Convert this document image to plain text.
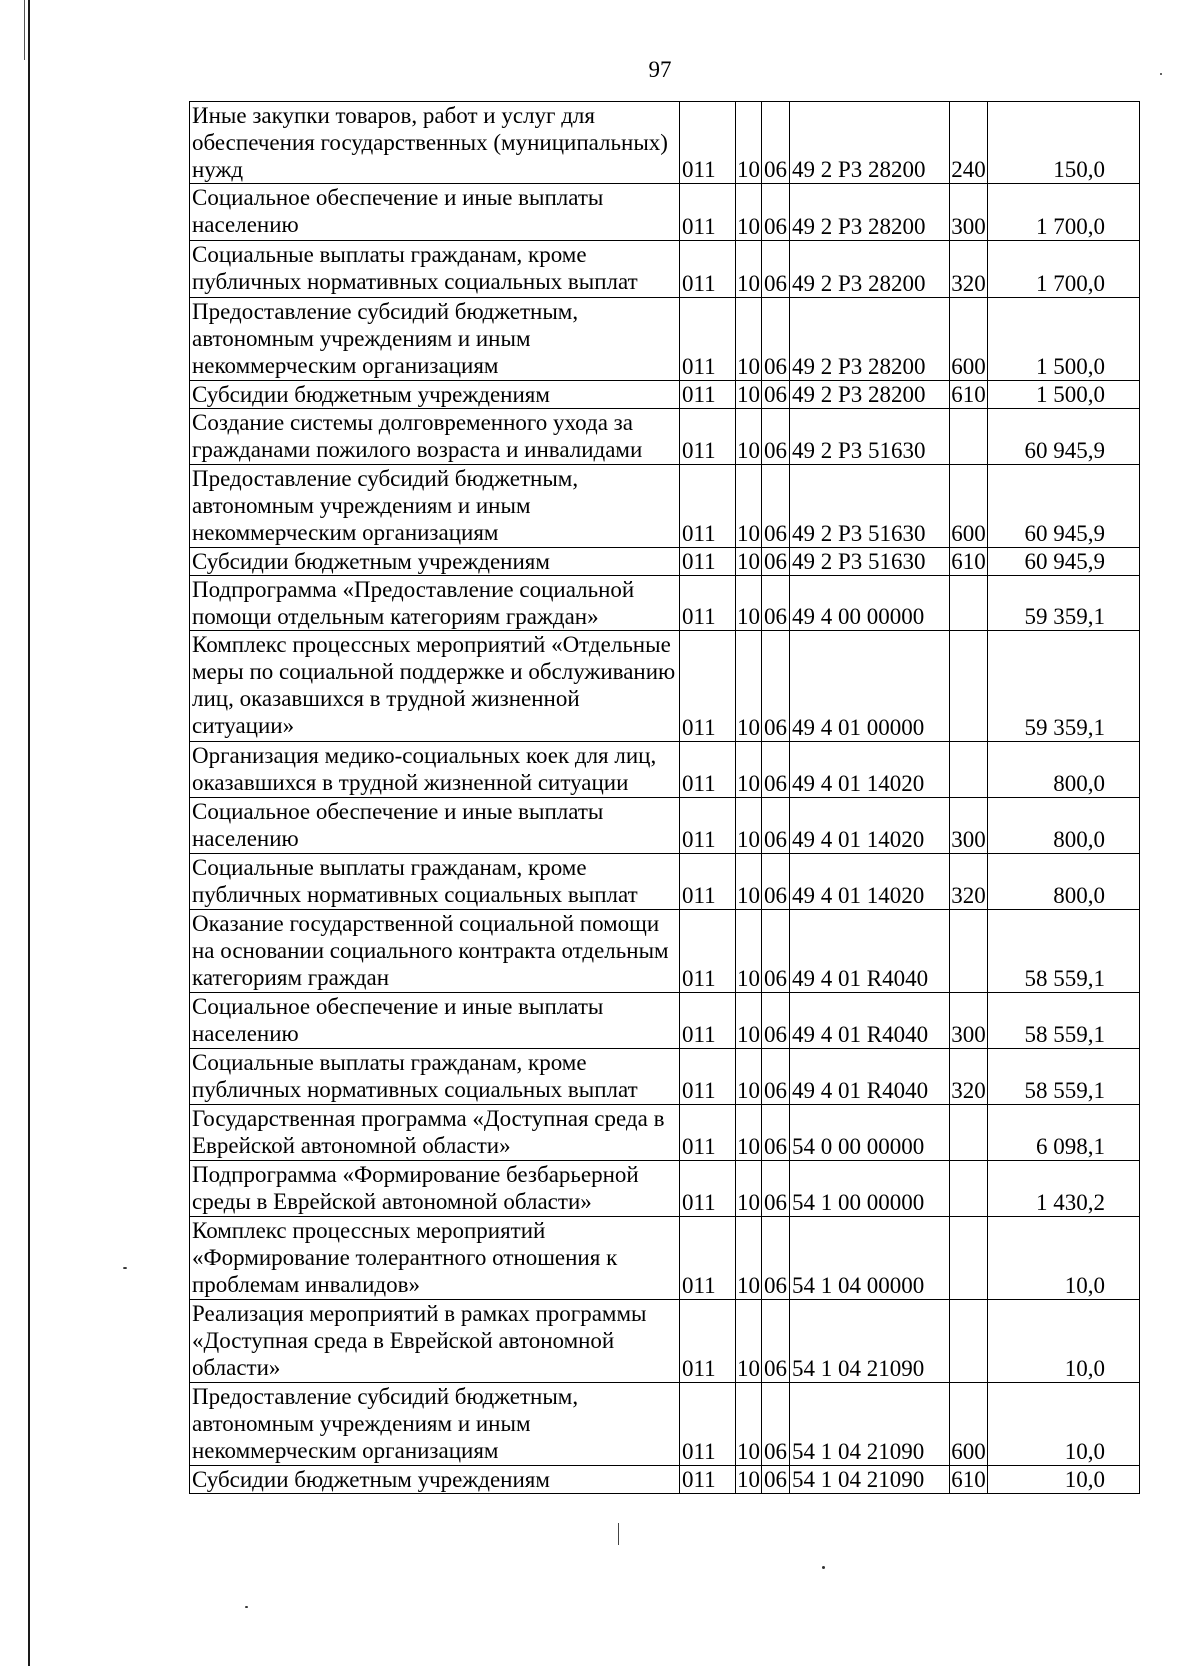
97
Иные закупки товаров, работ и услуг для обеспечения государственных (муниципальных) нужд	011	10	06	49 2 Р3 28200	240	150,0
Социальное обеспечение и иные выплаты населению	011	10	06	49 2 Р3 28200	300	1 700,0
Социальные выплаты гражданам, кроме публичных нормативных социальных выплат	011	10	06	49 2 Р3 28200	320	1 700,0
Предоставление субсидий бюджетным, автономным учреждениям и иным некоммерческим организациям	011	10	06	49 2 Р3 28200	600	1 500,0
Субсидии бюджетным учреждениям	011	10	06	49 2 Р3 28200	610	1 500,0
Создание системы долговременного ухода за гражданами пожилого возраста и инвалидами	011	10	06	49 2 Р3 51630		60 945,9
Предоставление субсидий бюджетным, автономным учреждениям и иным некоммерческим организациям	011	10	06	49 2 Р3 51630	600	60 945,9
Субсидии бюджетным учреждениям	011	10	06	49 2 Р3 51630	610	60 945,9
Подпрограмма «Предоставление социальной помощи отдельным категориям граждан»	011	10	06	49 4 00 00000		59 359,1
Комплекс процессных мероприятий «Отдельные меры по социальной поддержке и обслуживанию лиц, оказавшихся в трудной жизненной ситуации»	011	10	06	49 4 01 00000		59 359,1
Организация медико-социальных коек для лиц, оказавшихся в трудной жизненной ситуации	011	10	06	49 4 01 14020		800,0
Социальное обеспечение и иные выплаты населению	011	10	06	49 4 01 14020	300	800,0
Социальные выплаты гражданам, кроме публичных нормативных социальных выплат	011	10	06	49 4 01 14020	320	800,0
Оказание государственной социальной помощи на основании социального контракта отдельным категориям граждан	011	10	06	49 4 01 R4040		58 559,1
Социальное обеспечение и иные выплаты населению	011	10	06	49 4 01 R4040	300	58 559,1
Социальные выплаты гражданам, кроме публичных нормативных социальных выплат	011	10	06	49 4 01 R4040	320	58 559,1
Государственная программа «Доступная среда в Еврейской автономной области»	011	10	06	54 0 00 00000		6 098,1
Подпрограмма «Формирование безбарьерной среды в Еврейской автономной области»	011	10	06	54 1 00 00000		1 430,2
Комплекс процессных мероприятий «Формирование толерантного отношения к проблемам инвалидов»	011	10	06	54 1 04 00000		10,0
Реализация мероприятий в рамках программы «Доступная среда в Еврейской автономной области»	011	10	06	54 1 04 21090		10,0
Предоставление субсидий бюджетным, автономным учреждениям и иным некоммерческим организациям	011	10	06	54 1 04 21090	600	10,0
Субсидии бюджетным учреждениям	011	10	06	54 1 04 21090	610	10,0
